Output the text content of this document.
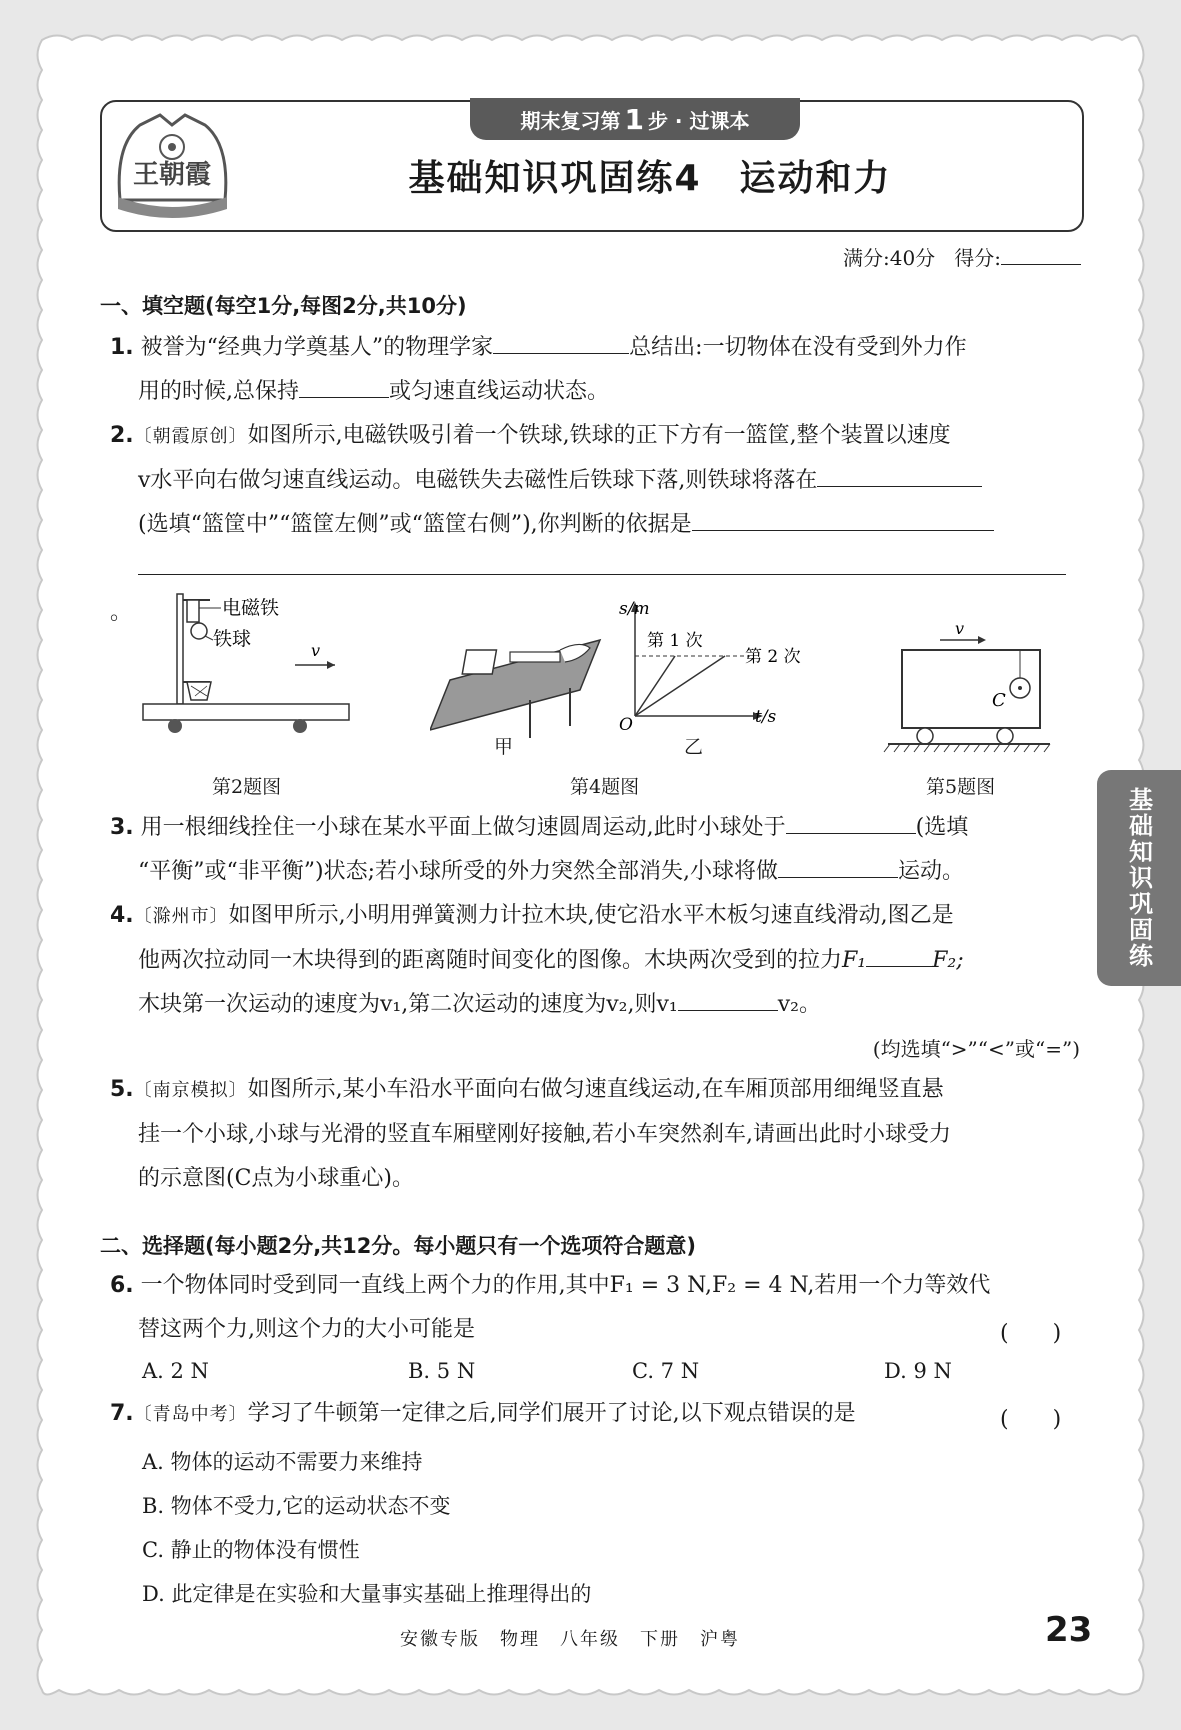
王朝霞
期末复习第 1 步 · 过课本
基础知识巩固练4　运动和力
满分:40分 得分:
一、填空题(每空1分,每图2分,共10分)
1. 被誉为“经典力学奠基人”的物理学家	总结出:一切物体在没有受到外力作
用的时候,总保持	或匀速直线运动状态。
2.〔朝霞原创〕如图所示,电磁铁吸引着一个铁球,铁球的正下方有一篮筐,整个装置以速度
v水平向右做匀速直线运动。电磁铁失去磁性后铁球下落,则铁球将落在
(选填“篮筐中”“篮筐左侧”或“篮筐右侧”),你判断的依据是
。	电磁铁
铁球
v
第2题图
甲
s/m
t/s
O
第 1 次
第 2 次
乙
第4题图
v
C
第5题图	基础知识巩固练
3. 用一根细线拴住一小球在某水平面上做匀速圆周运动,此时小球处于	(选填
“平衡”或“非平衡”)状态;若小球所受的外力突然全部消失,小球将做	运动。
4.〔滁州市〕如图甲所示,小明用弹簧测力计拉木块,使它沿水平木板匀速直线滑动,图乙是
他两次拉动同一木块得到的距离随时间变化的图像。木块两次受到的拉力F₁	F₂;
木块第一次运动的速度为v₁,第二次运动的速度为v₂,则v₁	v₂。

(均选填“>”“<”或“=”)
5.〔南京模拟〕如图所示,某小车沿水平面向右做匀速直线运动,在车厢顶部用细绳竖直悬
挂一个小球,小球与光滑的竖直车厢壁刚好接触,若小车突然刹车,请画出此时小球受力
的示意图(C点为小球重心)。
二、选择题(每小题2分,共12分。每小题只有一个选项符合题意)
6. 一个物体同时受到同一直线上两个力的作用,其中F₁ = 3 N,F₂ = 4 N,若用一个力等效代
替这两个力,则这个力的大小可能是	(　　)
A. 2 N	B. 5 N	C. 7 N	D. 9 N
7.〔青岛中考〕学习了牛顿第一定律之后,同学们展开了讨论,以下观点错误的是	(　　)
A. 物体的运动不需要力来维持
B. 物体不受力,它的运动状态不变
C. 静止的物体没有惯性
D. 此定律是在实验和大量事实基础上推理得出的
安徽专版　物理　八年级　下册　沪粤	23
